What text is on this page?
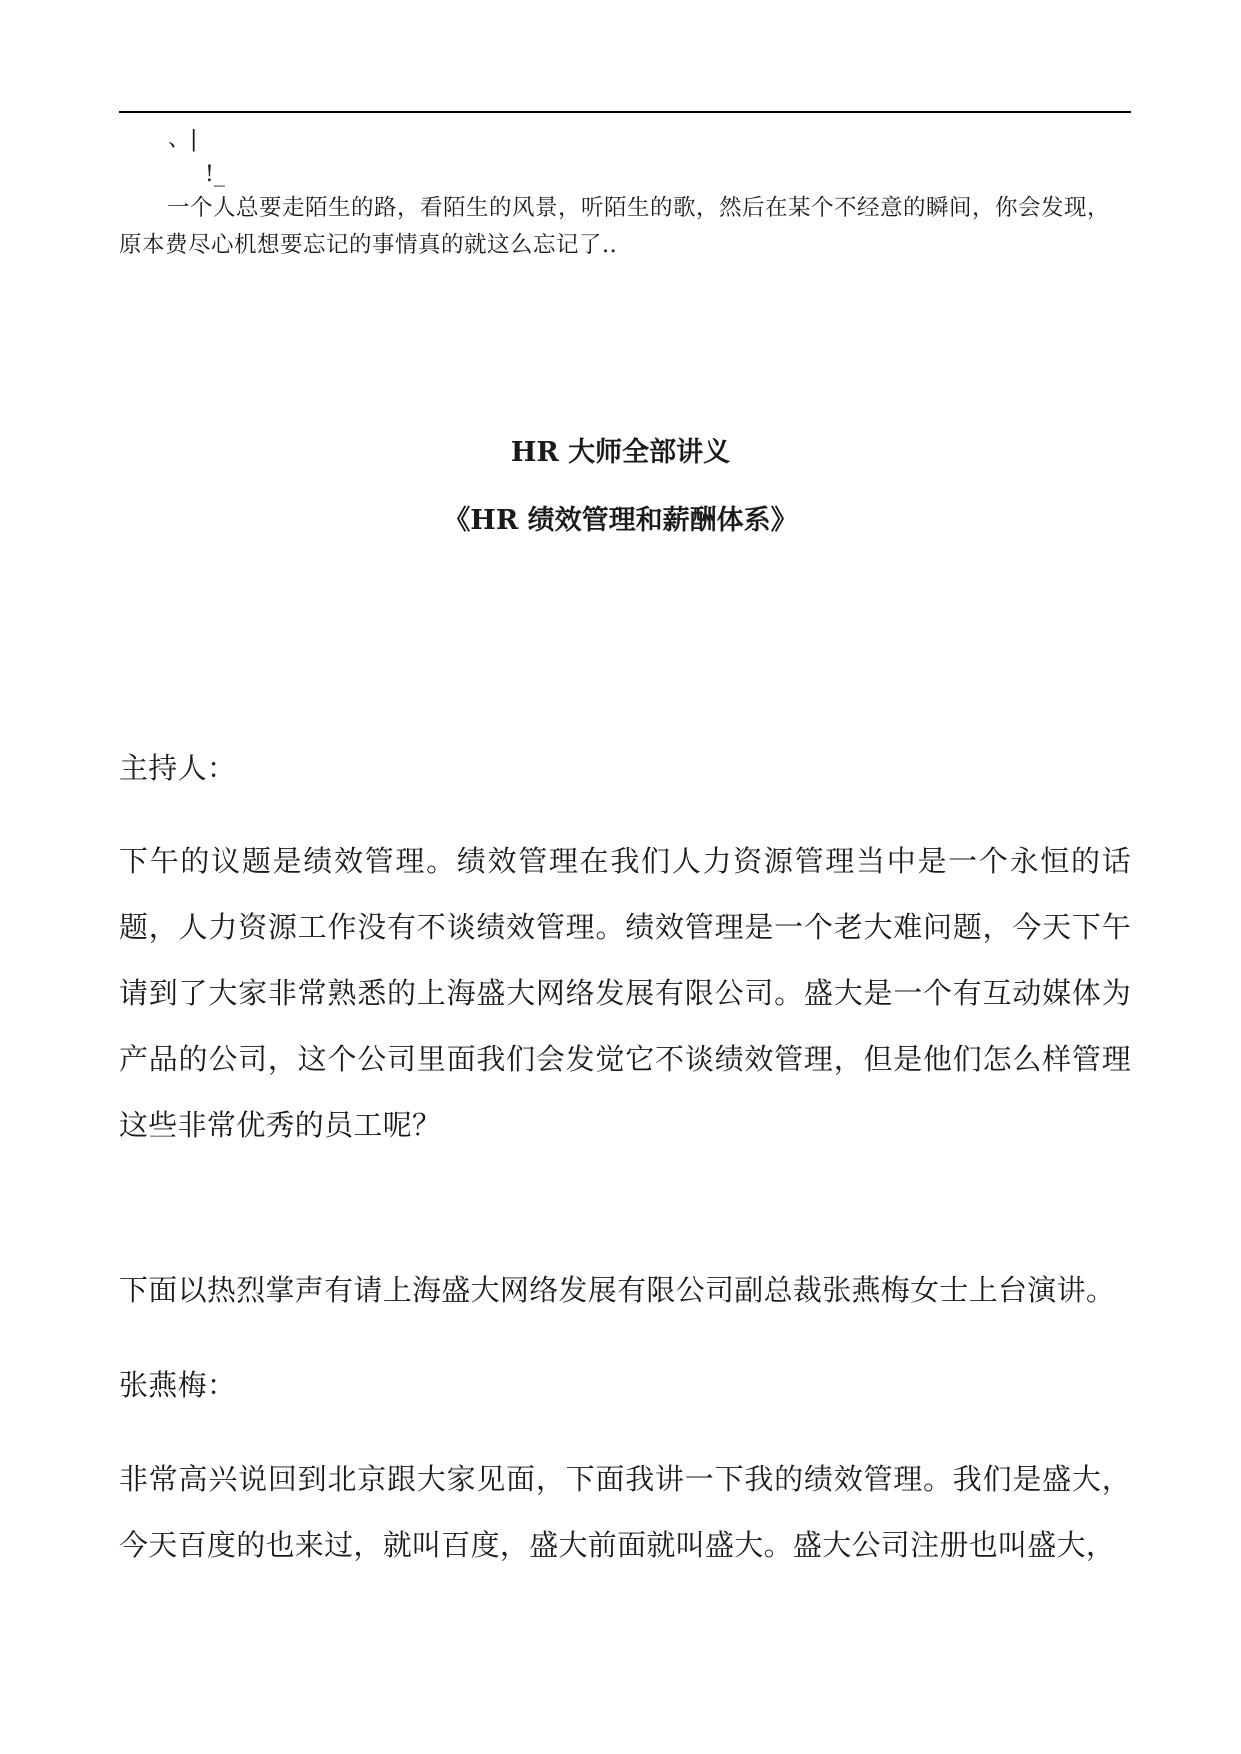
、|
!_
一个人总要走陌生的路，看陌生的风景，听陌生的歌，然后在某个不经意的瞬间，你会发现，原本费尽心机想要忘记的事情真的就这么忘记了..
HR 大师全部讲义
《HR 绩效管理和薪酬体系》
主持人：
下午的议题是绩效管理。绩效管理在我们人力资源管理当中是一个永恒的话题，人力资源工作没有不谈绩效管理。绩效管理是一个老大难问题，今天下午请到了大家非常熟悉的上海盛大网络发展有限公司。盛大是一个有互动媒体为产品的公司，这个公司里面我们会发觉它不谈绩效管理，但是他们怎么样管理这些非常优秀的员工呢？
下面以热烈掌声有请上海盛大网络发展有限公司副总裁张燕梅女士上台演讲。
张燕梅：
非常高兴说回到北京跟大家见面，下面我讲一下我的绩效管理。我们是盛大，今天百度的也来过，就叫百度，盛大前面就叫盛大。盛大公司注册也叫盛大，
